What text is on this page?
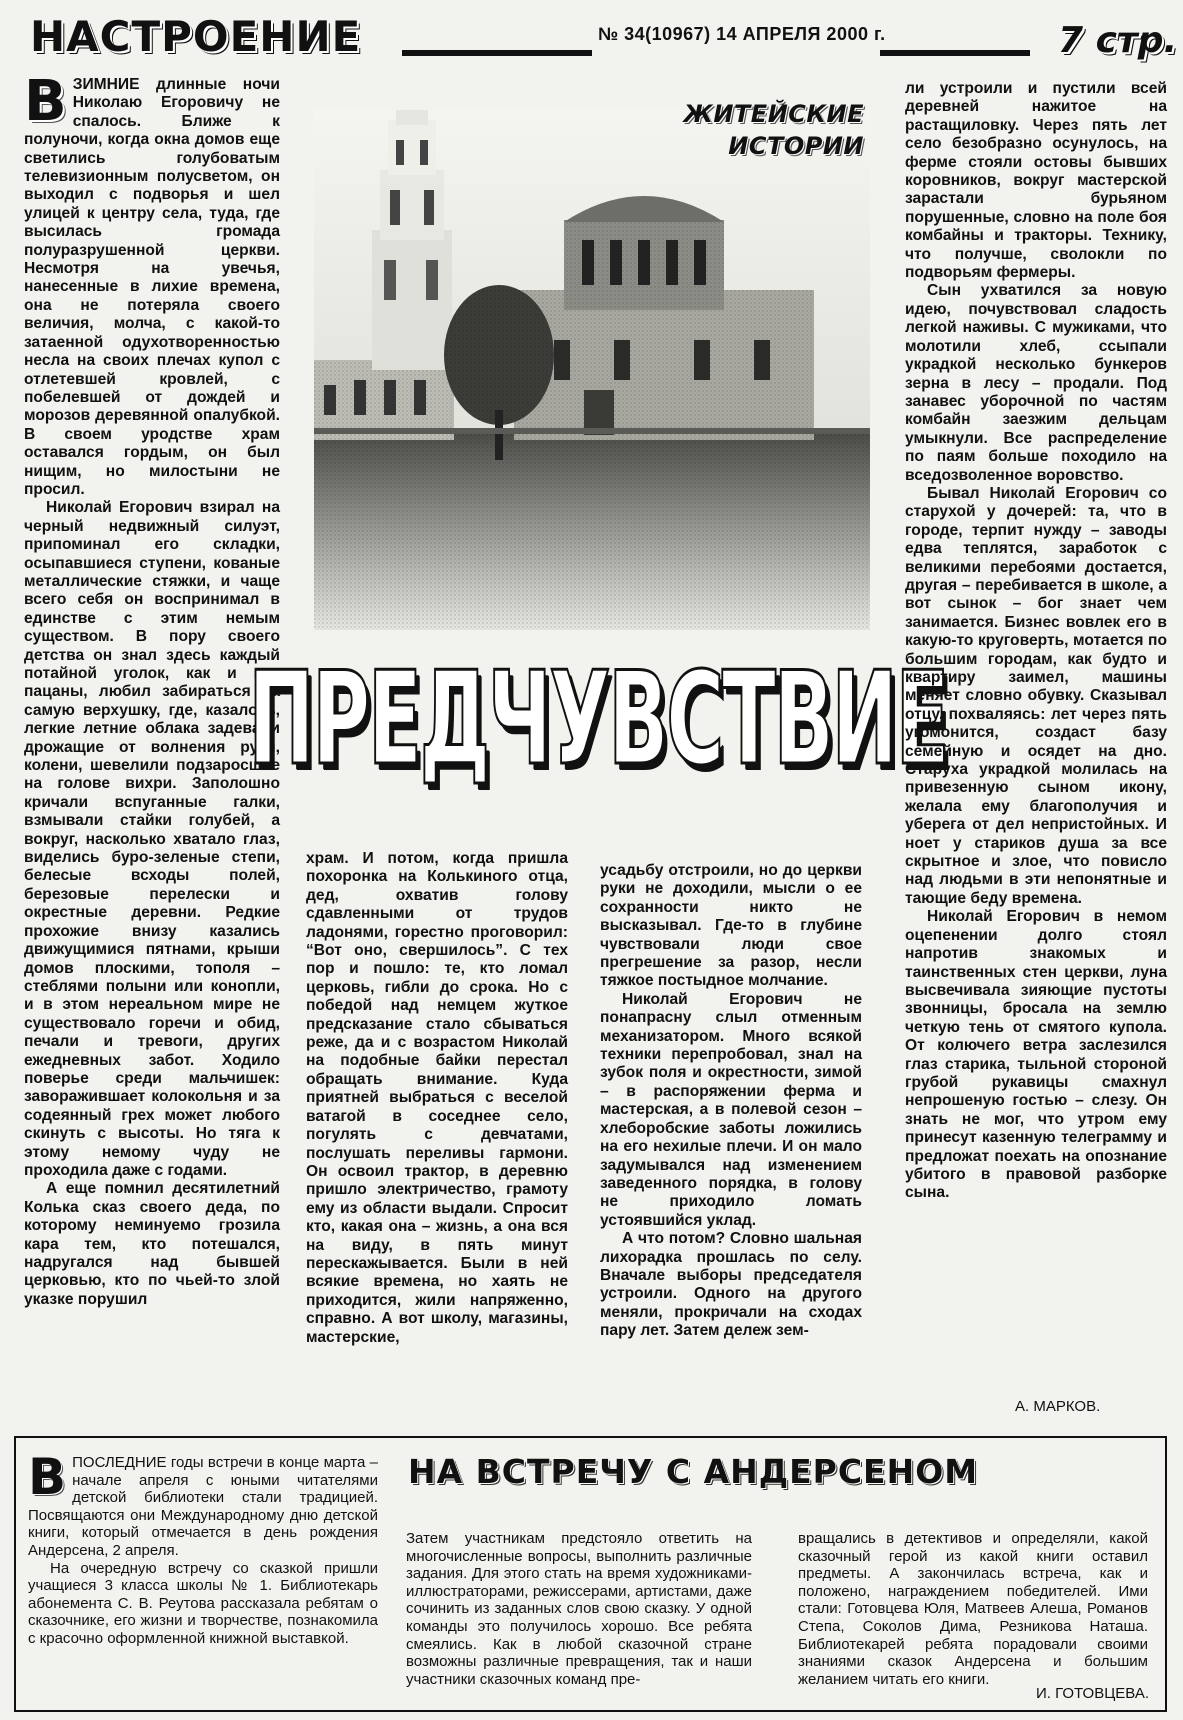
НАСТРОЕНИЕ	№ 34(10967) 14 АПРЕЛЯ 2000 г.	7 стр.
В ЗИМНИЕ длинные ночи Николаю Егоровичу не спалось. Ближе к полуночи, когда окна домов еще светились голубоватым телевизионным полусветом, он выходил с подворья и шел улицей к центру села, туда, где высилась громада полуразрушенной церкви. Несмотря на увечья, нанесенные в лихие времена, она не потеряла своего величия, молча, с какой-то затаенной одухотворенностью несла на своих плечах купол с отлетевшей кровлей, с побелевшей от дождей и морозов деревянной опалубкой. В своем уродстве храм оставался гордым, он был нищим, но милостыни не просил.

Николай Егорович взирал на черный недвижный силуэт, припоминал его складки, осыпавшиеся ступени, кованые металлические стяжки, и чаще всего себя он воспринимал в единстве с этим немым существом. В пору своего детства он знал здесь каждый потайной уголок, как и все пацаны, любил забираться на самую верхушку, где, казалось, легкие летние облака задевали дрожащие от волнения руки, колени, шевелили подзаросшие на голове вихри. Заполошно кричали вспуганные галки, взмывали стайки голубей, а вокруг, насколько хватало глаз, виделись буро-зеленые степи, белесые всходы полей, березовые перелески и окрестные деревни. Редкие прохожие внизу казались движущимися пятнами, крыши домов плоскими, тополя – стеблями полыни или конопли, и в этом нереальном мире не существовало горечи и обид, печали и тревоги, других ежедневных забот. Ходило поверье среди мальчишек: заворажившает колокольня и за содеянный грех может любого скинуть с высоты. Но тяга к этому немому чуду не проходила даже с годами.

А еще помнил десятилетний Колька сказ своего деда, по которому неминуемо грозила кара тем, кто потешался, надругался над бывшей церковью, кто по чьей-то злой указке порушил

ЖИТЕЙСКИЕ
ИСТОРИИ
ПРЕДЧУВСТВИЕ

храм. И потом, когда пришла похоронка на Колькиного отца, дед, охватив голову сдавленными от трудов ладонями, горестно проговорил: “Вот оно, свершилось”. С тех пор и пошло: те, кто ломал церковь, гибли до срока. Но с победой над немцем жуткое предсказание стало сбываться реже, да и с возрастом Николай на подобные байки перестал обращать внимание. Куда приятней выбраться с веселой ватагой в соседнее село, погулять с девчатами, послушать переливы гармони. Он освоил трактор, в деревню пришло электричество, грамоту ему из области выдали. Спросит кто, какая она – жизнь, а она вся на виду, в пять минут перескажывается. Были в ней всякие времена, но хаять не приходится, жили напряженно, справно. А вот школу, магазины, мастерские,

усадьбу отстроили, но до церкви руки не доходили, мысли о ее сохранности никто не высказывал. Где-то в глубине чувствовали люди свое прегрешение за разор, несли тяжкое постыдное молчание.

Николай Егорович не понапрасну слыл отменным механизатором. Много всякой техники перепробовал, знал на зубок поля и окрестности, зимой – в распоряжении ферма и мастерская, а в полевой сезон – хлеборобские заботы ложились на его нехилые плечи. И он мало задумывался над изменением заведенного порядка, в голову не приходило ломать устоявшийся уклад.

А что потом? Словно шальная лихорадка прошлась по селу. Вначале выборы председателя устроили. Одного на другого меняли, прокричали на сходах пару лет. Затем дележ зем-

ли устроили и пустили всей деревней нажитое на растащиловку. Через пять лет село безобразно осунулось, на ферме стояли остовы бывших коровников, вокруг мастерской зарастали бурьяном порушенные, словно на поле боя комбайны и тракторы. Технику, что получше, сволокли по подворьям фермеры.

Сын ухватился за новую идею, почувствовал сладость легкой наживы. С мужиками, что молотили хлеб, ссыпали украдкой несколько бункеров зерна в лесу – продали. Под занавес уборочной по частям комбайн заезжим дельцам умыкнули. Все распределение по паям больше походило на вседозволенное воровство.

Бывал Николай Егорович со старухой у дочерей: та, что в городе, терпит нужду – заводы едва теплятся, заработок с великими перебоями достается, другая – перебивается в школе, а вот сынок – бог знает чем занимается. Бизнес вовлек его в какую-то круговерть, мотается по большим городам, как будто и квартиру заимел, машины меняет словно обувку. Сказывал отцу, похваляясь: лет через пять угомонится, создаст базу семейную и осядет на дно. Старуха украдкой молилась на привезенную сыном икону, желала ему благополучия и уберега от дел непристойных. И ноет у стариков душа за все скрытное и злое, что повисло над людьми в эти непонятные и тающие беду времена.

Николай Егорович в немом оцепенении долго стоял напротив знакомых и таинственных стен церкви, луна высвечивала зияющие пустоты звонницы, бросала на землю четкую тень от смятого купола. От колючего ветра заслезился глаз старика, тыльной стороной грубой рукавицы смахнул непрошеную гостью – слезу. Он знать не мог, что утром ему принесут казенную телеграмму и предложат поехать на опознание убитого в правовой разборке сына.

А. МАРКОВ.
НА ВСТРЕЧУ С АНДЕРСЕНОМ
В ПОСЛЕДНИЕ годы встречи в конце марта – начале апреля с юными читателями детской библиотеки стали традицией. Посвящаются они Международному дню детской книги, который отмечается в день рождения Андерсена, 2 апреля.

На очередную встречу со сказкой пришли учащиеся 3 класса школы № 1. Библиотекарь абонемента С. В. Реутова рассказала ребятам о сказочнике, его жизни и творчестве, познакомила с красочно оформленной книжной выставкой.

Затем участникам предстояло ответить на многочисленные вопросы, выполнить различные задания. Для этого стать на время художниками-иллюстраторами, режиссерами, артистами, даже сочинить из заданных слов свою сказку. У одной команды это получилось хорошо. Все ребята смеялись. Как в любой сказочной стране возможны различные превращения, так и наши участники сказочных команд пре-

вращались в детективов и определяли, какой сказочный герой из какой книги оставил предметы. А закончилась встреча, как и положено, награждением победителей. Ими стали: Готовцева Юля, Матвеев Алеша, Романов Степа, Соколов Дима, Резникова Наташа. Библиотекарей ребята порадовали своими знаниями сказок Андерсена и большим желанием читать его книги.

И. ГОТОВЦЕВА.
